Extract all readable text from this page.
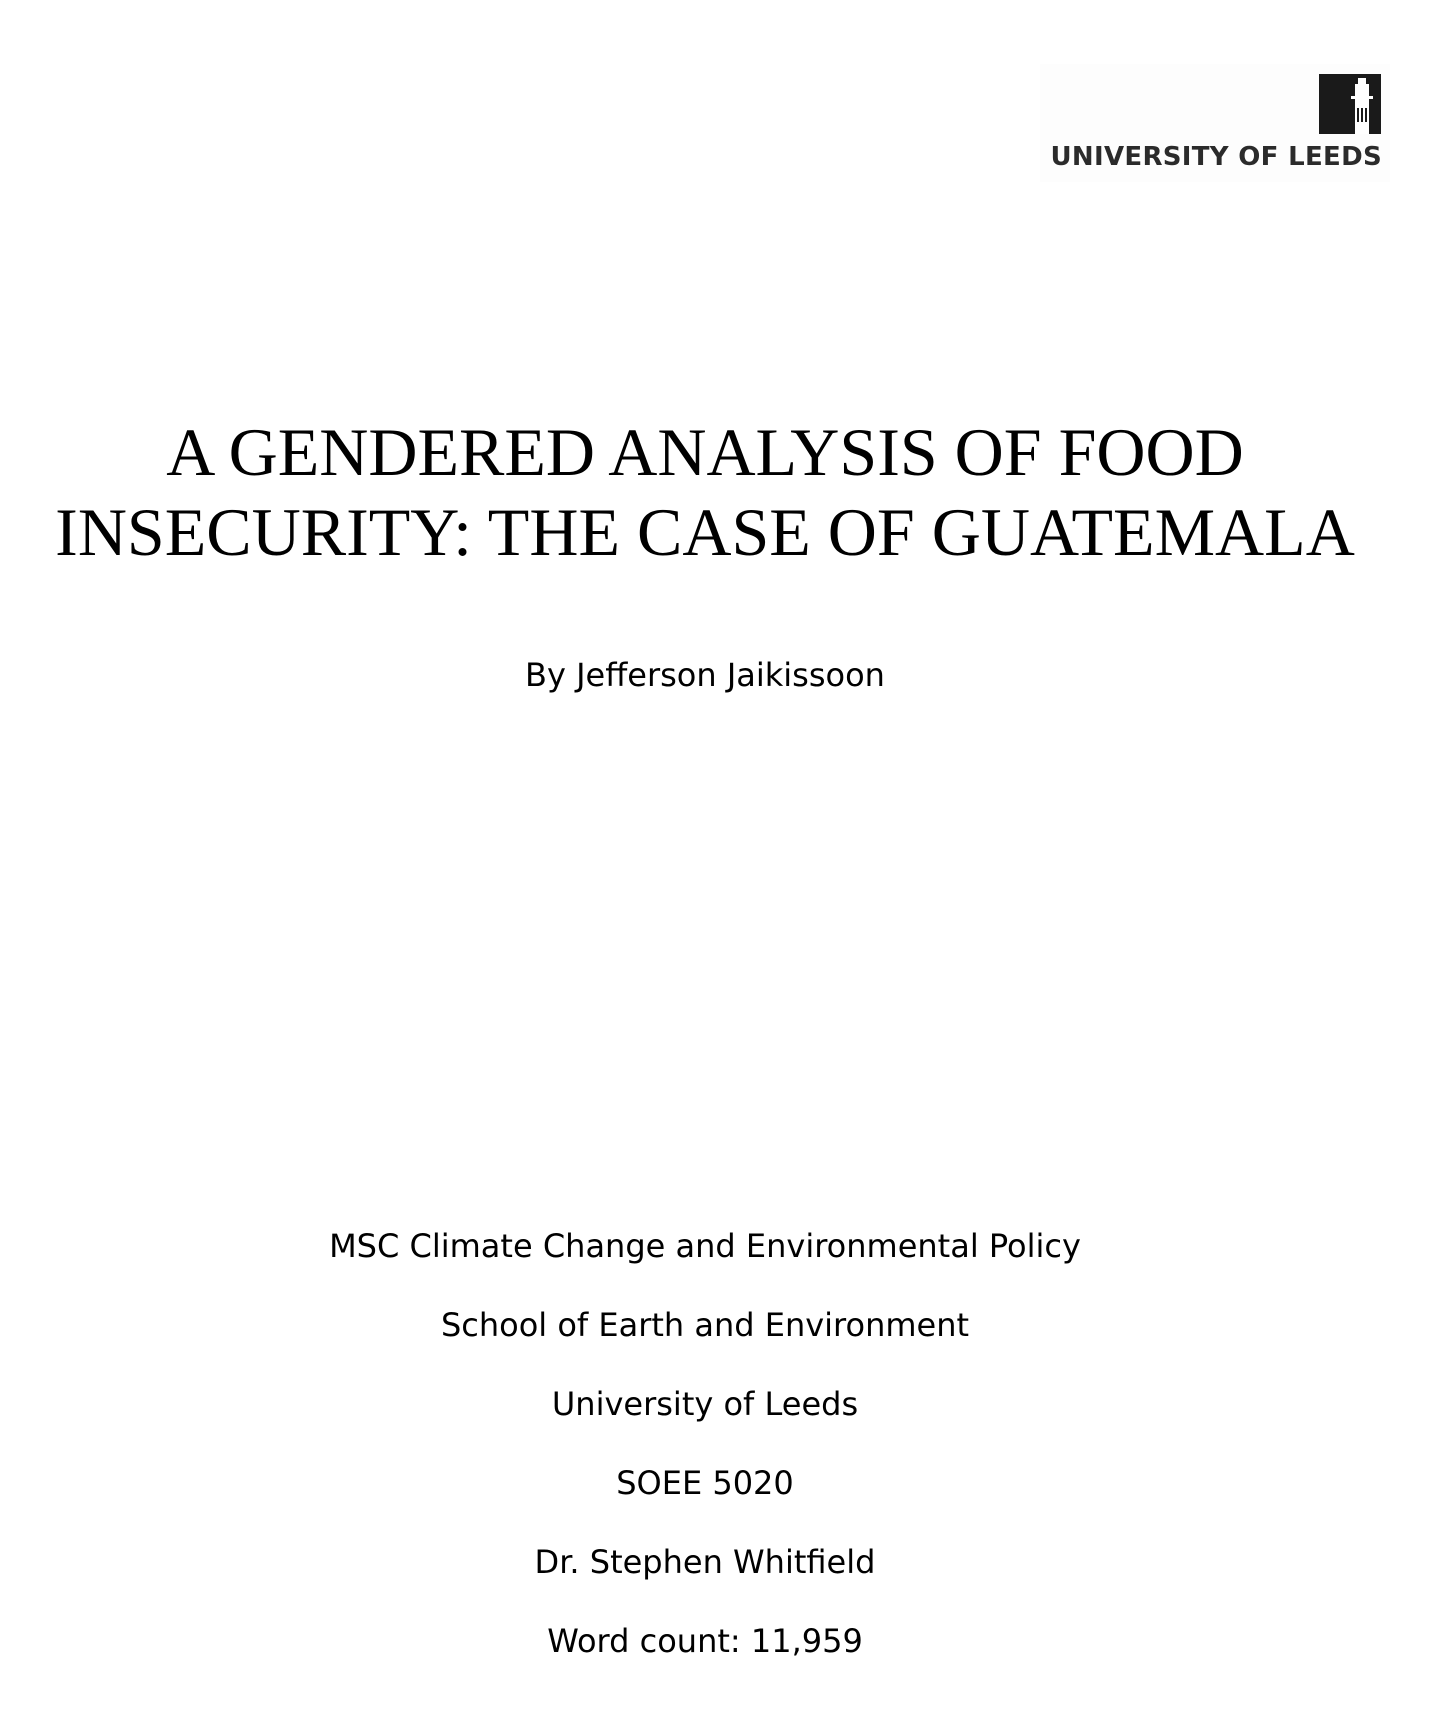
UNIVERSITY OF LEEDS
A GENDERED ANALYSIS OF FOOD
INSECURITY: THE CASE OF GUATEMALA
By Jefferson Jaikissoon
MSC Climate Change and Environmental Policy
School of Earth and Environment
University of Leeds
SOEE 5020
Dr. Stephen Whitfield
Word count: 11,959
